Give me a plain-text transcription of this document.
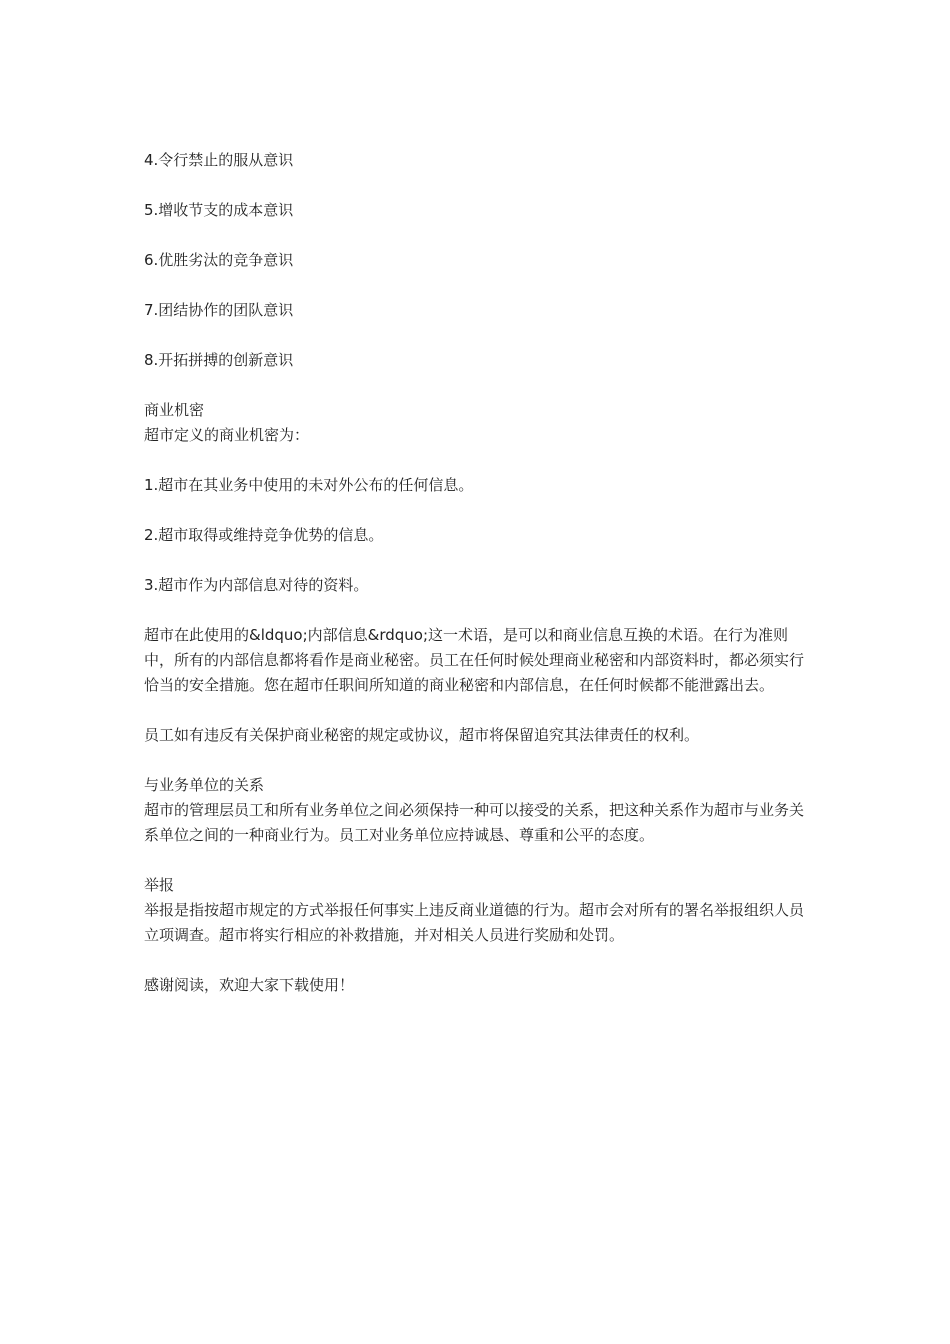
4.令行禁止的服从意识

5.增收节支的成本意识

6.优胜劣汰的竞争意识

7.团结协作的团队意识

8.开拓拼搏的创新意识

商业机密

超市定义的商业机密为：

1.超市在其业务中使用的未对外公布的任何信息。

2.超市取得或维持竞争优势的信息。

3.超市作为内部信息对待的资料。

超市在此使用的&ldquo;内部信息&rdquo;这一术语，是可以和商业信息互换的术语。在行为准则中，所有的内部信息都将看作是商业秘密。员工在任何时候处理商业秘密和内部资料时，都必须实行恰当的安全措施。您在超市任职间所知道的商业秘密和内部信息，在任何时候都不能泄露出去。

员工如有违反有关保护商业秘密的规定或协议，超市将保留追究其法律责任的权利。

与业务单位的关系

超市的管理层员工和所有业务单位之间必须保持一种可以接受的关系，把这种关系作为超市与业务关系单位之间的一种商业行为。员工对业务单位应持诚恳、尊重和公平的态度。

举报

举报是指按超市规定的方式举报任何事实上违反商业道德的行为。超市会对所有的署名举报组织人员立项调查。超市将实行相应的补救措施，并对相关人员进行奖励和处罚。

感谢阅读，欢迎大家下载使用！
